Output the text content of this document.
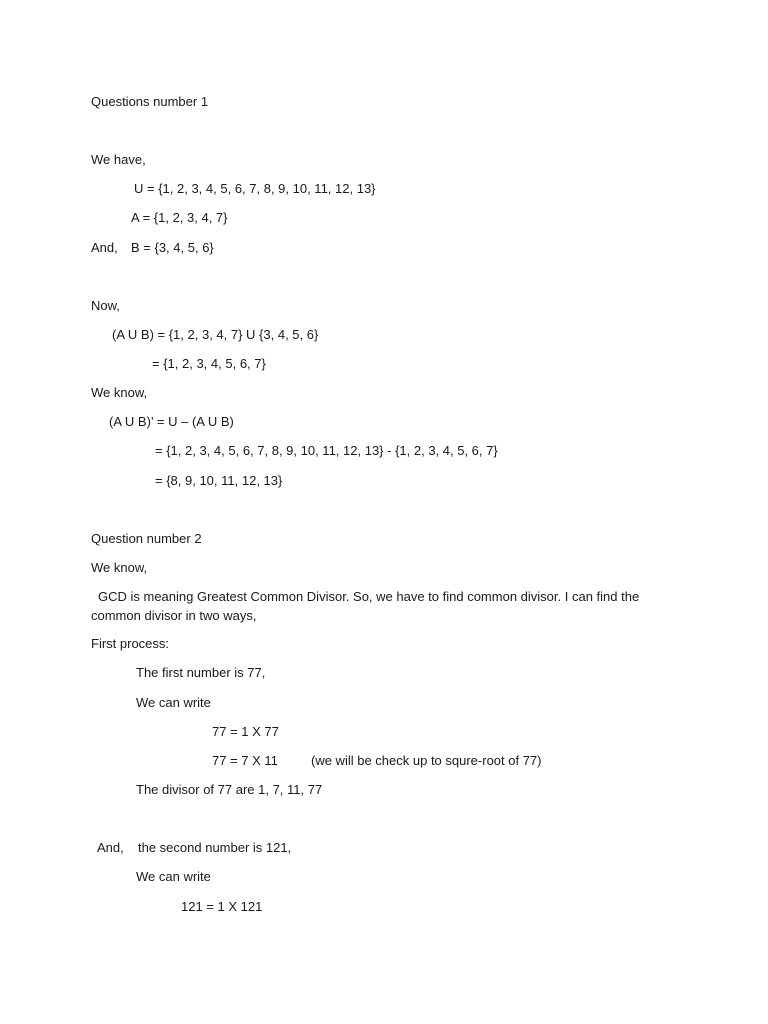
Questions number 1
We have,
U = {1, 2, 3, 4, 5, 6, 7, 8, 9, 10, 11, 12, 13}
A = {1, 2, 3, 4, 7}
And, B = {3, 4, 5, 6}
Now,
(A U B) = {1, 2, 3, 4, 7} U {3, 4, 5, 6}
= {1, 2, 3, 4, 5, 6, 7}
We know,
(A U B)’ = U – (A U B)
= {1, 2, 3, 4, 5, 6, 7, 8, 9, 10, 11, 12, 13} - {1, 2, 3, 4, 5, 6, 7}
= {8, 9, 10, 11, 12, 13}
Question number 2
We know,
GCD is meaning Greatest Common Divisor. So, we have to find common divisor. I can find the common divisor in two ways,
First process:
The first number is 77,
We can write
77 = 1 X 77
77 = 7 X 11	(we will be check up to squre-root of 77)
The divisor of 77 are 1, 7, 11, 77
And, the second number is 121,
We can write
121 = 1 X 121
